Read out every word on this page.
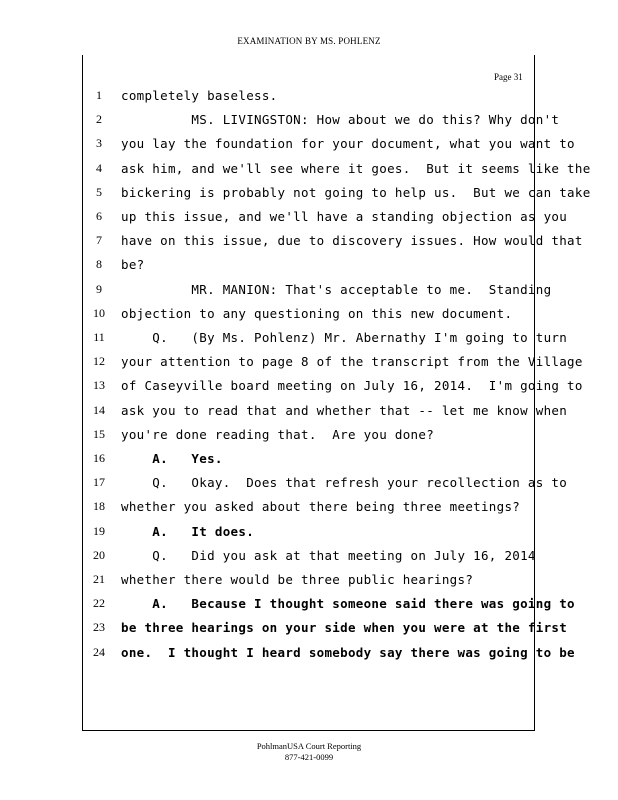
EXAMINATION BY MS. POHLENZ
Page 31
1	completely baseless.
2	MS. LIVINGSTON: How about we do this? Why don't
3	you lay the foundation for your document, what you want to
4	ask him, and we'll see where it goes.  But it seems like the
5	bickering is probably not going to help us.  But we can take
6	up this issue, and we'll have a standing objection as you
7	have on this issue, due to discovery issues. How would that
8	be?
9	MR. MANION: That's acceptable to me.  Standing
10	objection to any questioning on this new document.
11	Q.   (By Ms. Pohlenz) Mr. Abernathy I'm going to turn
12	your attention to page 8 of the transcript from the Village
13	of Caseyville board meeting on July 16, 2014.  I'm going to
14	ask you to read that and whether that -- let me know when
15	you're done reading that.  Are you done?
16	A.   Yes.
17	Q.   Okay.  Does that refresh your recollection as to
18	whether you asked about there being three meetings?
19	A.   It does.
20	Q.   Did you ask at that meeting on July 16, 2014
21	whether there would be three public hearings?
22	A.   Because I thought someone said there was going to
23	be three hearings on your side when you were at the first
24	one.  I thought I heard somebody say there was going to be
PohlmanUSA Court Reporting
877-421-0099
